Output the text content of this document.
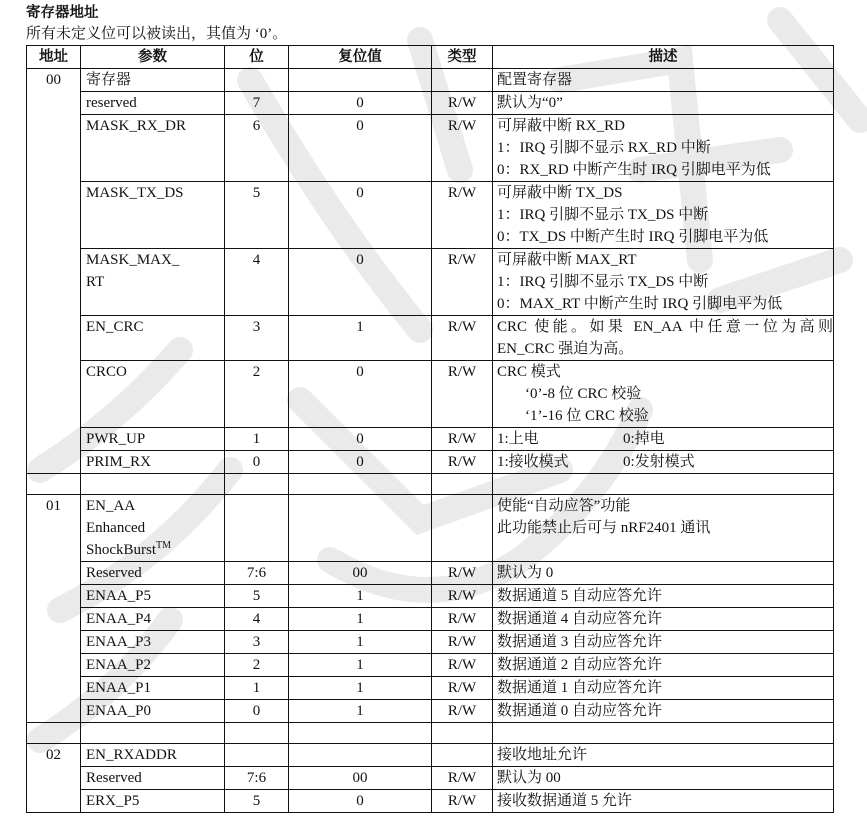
寄存器地址
所有未定义位可以被读出，其值为 ‘0’。
地址	参数	位	复位值	类型	描述
00	寄存器				配置寄存器
	reserved	7	0	R/W	默认为“0”
	MASK_RX_DR	6	0	R/W	可屏蔽中断 RX_RD
1：IRQ 引脚不显示 RX_RD 中断
0：RX_RD 中断产生时 IRQ 引脚电平为低

	MASK_TX_DS	5	0	R/W	可屏蔽中断 TX_DS
1：IRQ 引脚不显示 TX_DS 中断
0：TX_DS 中断产生时 IRQ 引脚电平为低

	MASK_MAX_
RT	4	0	R/W	可屏蔽中断 MAX_RT
1：IRQ 引脚不显示 TX_DS 中断
0：MAX_RT 中断产生时 IRQ 引脚电平为低

	EN_CRC	3	1	R/W	CRC 使能。如果 EN_AA 中任意一位为高则 EN_CRC 强迫为高。
	CRCO	2	0	R/W	CRC 模式
‘0’-8 位 CRC 校验
‘1’-16 位 CRC 校验

	PWR_UP	1	0	R/W	1:上电 0:掉电
	PRIM_RX	0	0	R/W	1:接收模式 0:发射模式

01	EN_AA
Enhanced
ShockBurst™				使能“自动应答”功能
此功能禁止后可与 nRF2401 通讯

	Reserved	7:6	00	R/W	默认为 0
	ENAA_P5	5	1	R/W	数据通道 5 自动应答允许
	ENAA_P4	4	1	R/W	数据通道 4 自动应答允许
	ENAA_P3	3	1	R/W	数据通道 3 自动应答允许
	ENAA_P2	2	1	R/W	数据通道 2 自动应答允许
	ENAA_P1	1	1	R/W	数据通道 1 自动应答允许
	ENAA_P0	0	1	R/W	数据通道 0 自动应答允许

02	EN_RXADDR				接收地址允许
	Reserved	7:6	00	R/W	默认为 00
	ERX_P5	5	0	R/W	接收数据通道 5 允许
